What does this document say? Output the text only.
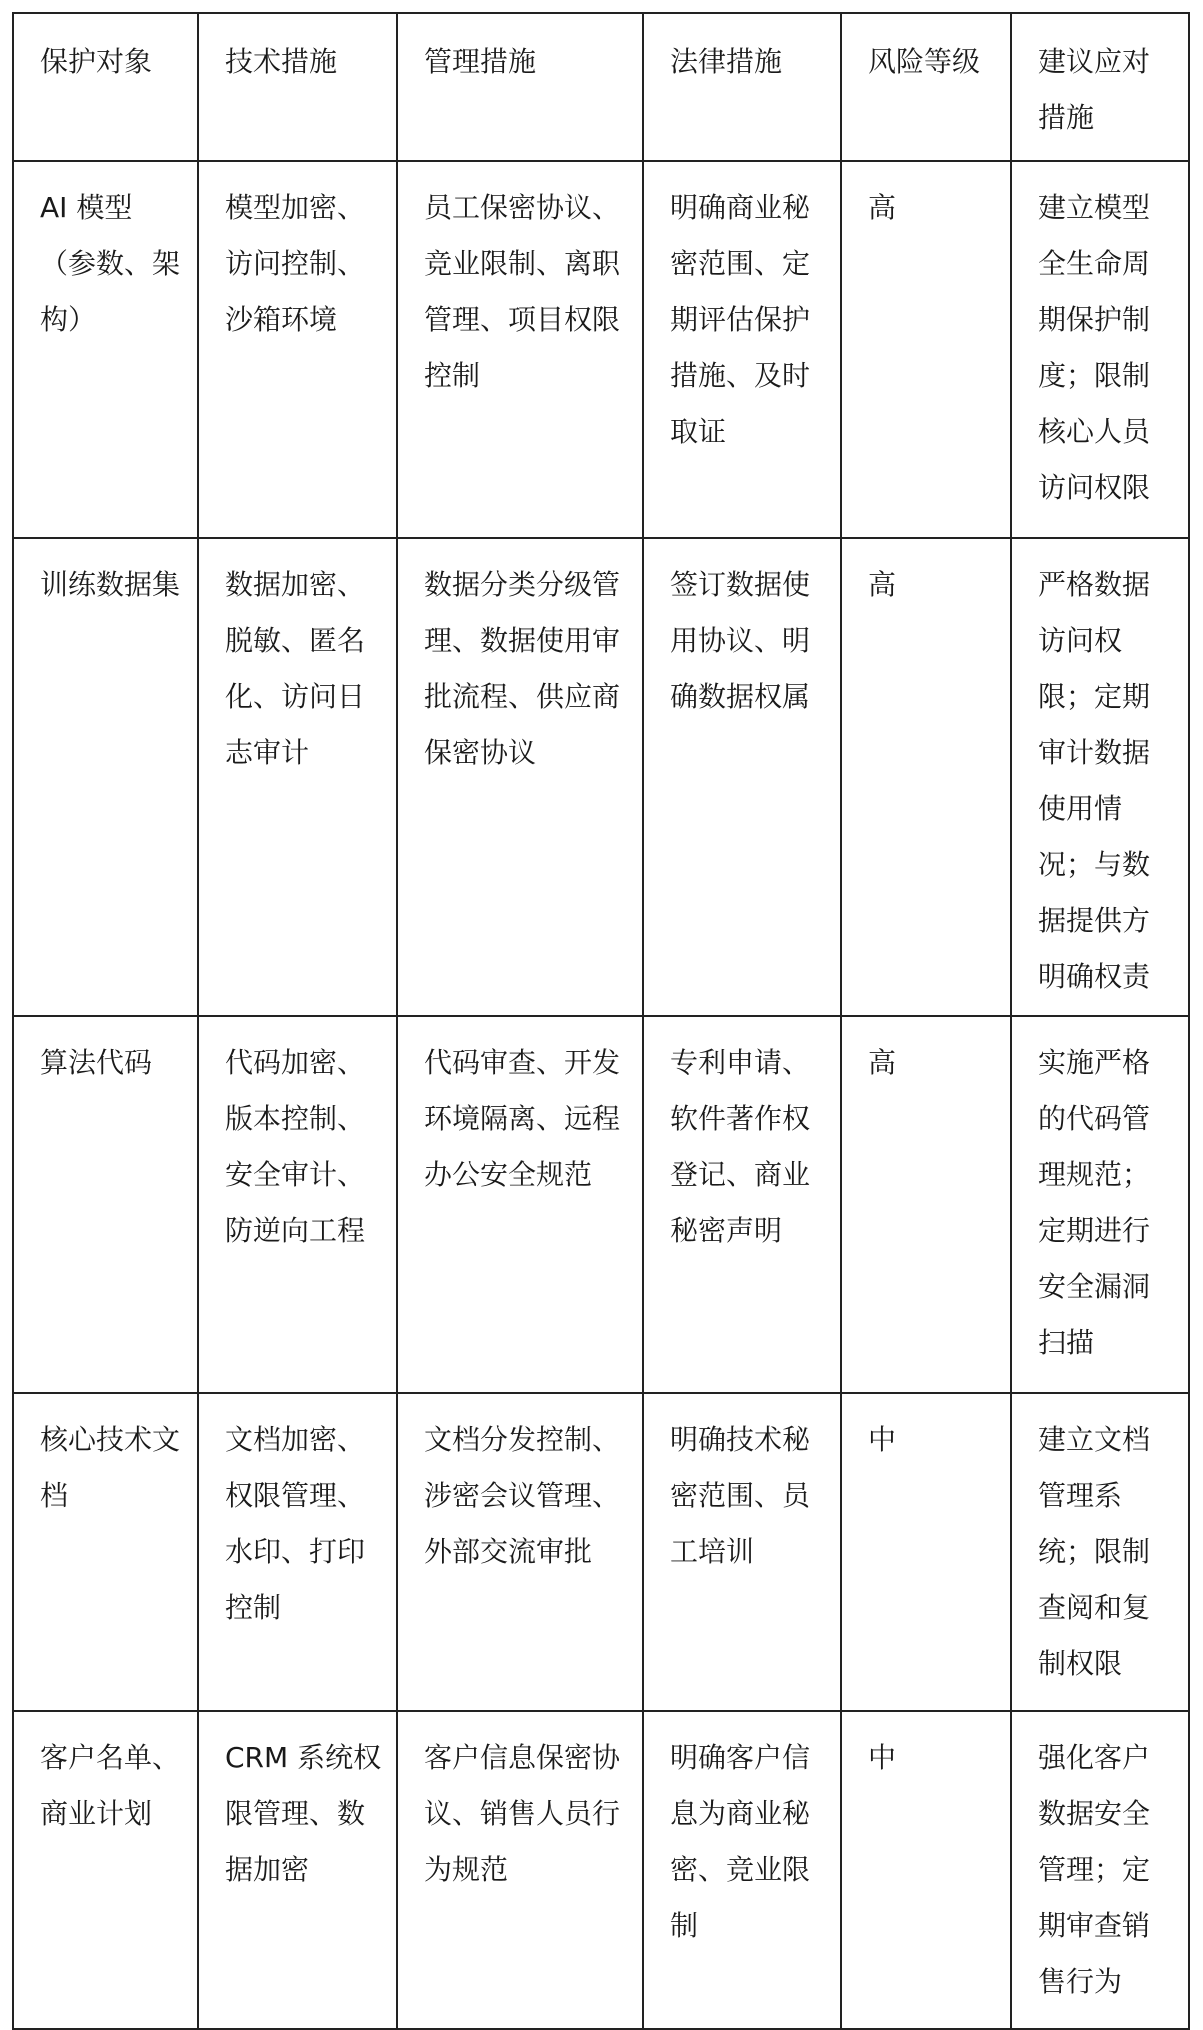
保护对象	技术措施	管理措施	法律措施	风险等级	建议应对措施
AI 模型（参数、架构）	模型加密、访问控制、沙箱环境	员工保密协议、竞业限制、离职管理、项目权限控制	明确商业秘密范围、定期评估保护措施、及时取证	高	建立模型全生命周期保护制度；限制核心人员访问权限
训练数据集	数据加密、脱敏、匿名化、访问日志审计	数据分类分级管理、数据使用审批流程、供应商保密协议	签订数据使用协议、明确数据权属	高	严格数据访问权限；定期审计数据使用情况；与数据提供方明确权责
算法代码	代码加密、版本控制、安全审计、防逆向工程	代码审查、开发环境隔离、远程办公安全规范	专利申请、软件著作权登记、商业秘密声明	高	实施严格的代码管理规范；定期进行安全漏洞扫描
核心技术文档	文档加密、权限管理、水印、打印控制	文档分发控制、涉密会议管理、外部交流审批	明确技术秘密范围、员工培训	中	建立文档管理系统；限制查阅和复制权限
客户名单、商业计划	CRM 系统权限管理、数据加密	客户信息保密协议、销售人员行为规范	明确客户信息为商业秘密、竞业限制	中	强化客户数据安全管理；定期审查销售行为
